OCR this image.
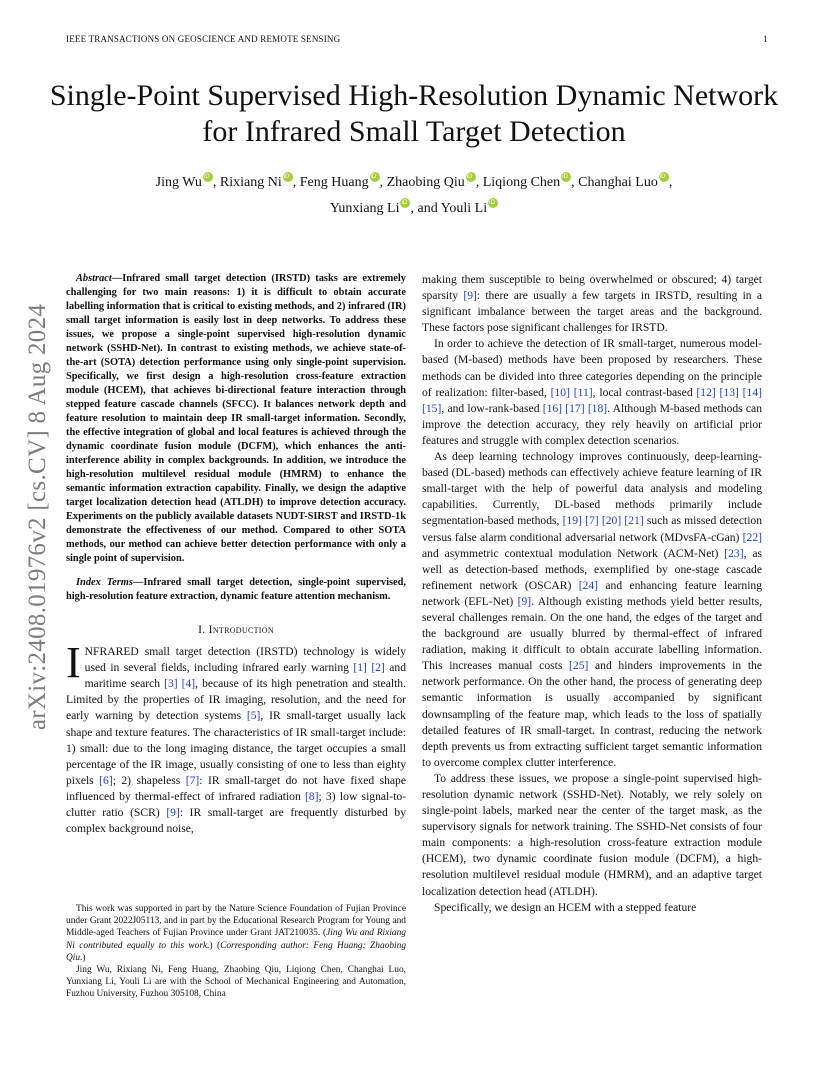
IEEE TRANSACTIONS ON GEOSCIENCE AND REMOTE SENSING	1
arXiv:2408.01976v2 [cs.CV] 8 Aug 2024
Single-Point Supervised High-Resolution Dynamic Network for Infrared Small Target Detection
Jing Wu iD , Rixiang Ni iD , Feng Huang iD , Zhaobing Qiu iD , Liqiong Chen iD , Changhai Luo iD ,
Yunxiang Li iD , and Youli LiiD

Abstract—Infrared small target detection (IRSTD) tasks are extremely challenging for two main reasons: 1) it is difficult to obtain accurate labelling information that is critical to existing methods, and 2) infrared (IR) small target information is easily lost in deep networks. To address these issues, we propose a single-point supervised high-resolution dynamic network (SSHD-Net). In contrast to existing methods, we achieve state-of-the-art (SOTA) detection performance using only single-point supervision. Specifically, we first design a high-resolution cross-feature extraction module (HCEM), that achieves bi-directional feature interaction through stepped feature cascade channels (SFCC). It balances network depth and feature resolution to maintain deep IR small-target information. Secondly, the effective integration of global and local features is achieved through the dynamic coordinate fusion module (DCFM), which enhances the anti-interference ability in complex backgrounds. In addition, we introduce the high-resolution multilevel residual module (HMRM) to enhance the semantic information extraction capability. Finally, we design the adaptive target localization detection head (ATLDH) to improve detection accuracy. Experiments on the publicly available datasets NUDT-SIRST and IRSTD-1k demonstrate the effectiveness of our method. Compared to other SOTA methods, our method can achieve better detection performance with only a single point of supervision.

Index Terms—Infrared small target detection, single-point supervised, high-resolution feature extraction, dynamic feature attention mechanism.

I. Introduction

INFRARED small target detection (IRSTD) technology is widely used in several fields, including infrared early warning [1] [2] and maritime search [3] [4], because of its high penetration and stealth. Limited by the properties of IR imaging, resolution, and the need for early warning by detection systems [5], IR small-target usually lack shape and texture features. The characteristics of IR small-target include: 1) small: due to the long imaging distance, the target occupies a small percentage of the IR image, usually consisting of one to less than eighty pixels [6]; 2) shapeless [7]: IR small-target do not have fixed shape influenced by thermal-effect of infrared radiation [8]; 3) low signal-to-clutter ratio (SCR) [9]: IR small-target are frequently disturbed by complex background noise,

making them susceptible to being overwhelmed or obscured; 4) target sparsity [9]: there are usually a few targets in IRSTD, resulting in a significant imbalance between the target areas and the background. These factors pose significant challenges for IRSTD.

In order to achieve the detection of IR small-target, numerous model-based (M-based) methods have been proposed by researchers. These methods can be divided into three categories depending on the principle of realization: filter-based, [10] [11], local contrast-based [12] [13] [14] [15], and low-rank-based [16] [17] [18]. Although M-based methods can improve the detection accuracy, they rely heavily on artificial prior features and struggle with complex detection scenarios.

As deep learning technology improves continuously, deep-learning-based (DL-based) methods can effectively achieve feature learning of IR small-target with the help of powerful data analysis and modeling capabilities. Currently, DL-based methods primarily include segmentation-based methods, [19] [7] [20] [21] such as missed detection versus false alarm conditional adversarial network (MDvsFA-cGan) [22] and asymmetric contextual modulation Network (ACM-Net) [23], as well as detection-based methods, exemplified by one-stage cascade refinement network (OSCAR) [24] and enhancing feature learning network (EFL-Net) [9]. Although existing methods yield better results, several challenges remain. On the one hand, the edges of the target and the background are usually blurred by thermal-effect of infrared radiation, making it difficult to obtain accurate labelling information. This increases manual costs [25] and hinders improvements in the network performance. On the other hand, the process of generating deep semantic information is usually accompanied by significant downsampling of the feature map, which leads to the loss of spatially detailed features of IR small-target. In contrast, reducing the network depth prevents us from extracting sufficient target semantic information to overcome complex clutter interference.

To address these issues, we propose a single-point supervised high-resolution dynamic network (SSHD-Net). Notably, we rely solely on single-point labels, marked near the center of the target mask, as the supervisory signals for network training. The SSHD-Net consists of four main components: a high-resolution cross-feature extraction module (HCEM), two dynamic coordinate fusion module (DCFM), a high-resolution multilevel residual module (HMRM), and an adaptive target localization detection head (ATLDH).

Specifically, we design an HCEM with a stepped feature

This work was supported in part by the Nature Science Foundation of Fujian Province under Grant 2022J05113, and in part by the Educational Research Program for Young and Middle-aged Teachers of Fujian Province under Grant JAT210035. (Jing Wu and Rixiang Ni contributed equally to this work.) (Corresponding author: Feng Huang; Zhaobing Qiu.)

Jing Wu, Rixiang Ni, Feng Huang, Zhaobing Qiu, Liqiong Chen, Changhai Luo, Yunxiang Li, Youli Li are with the School of Mechanical Engineering and Automation, Fuzhou University, Fuzhou 305108, China
